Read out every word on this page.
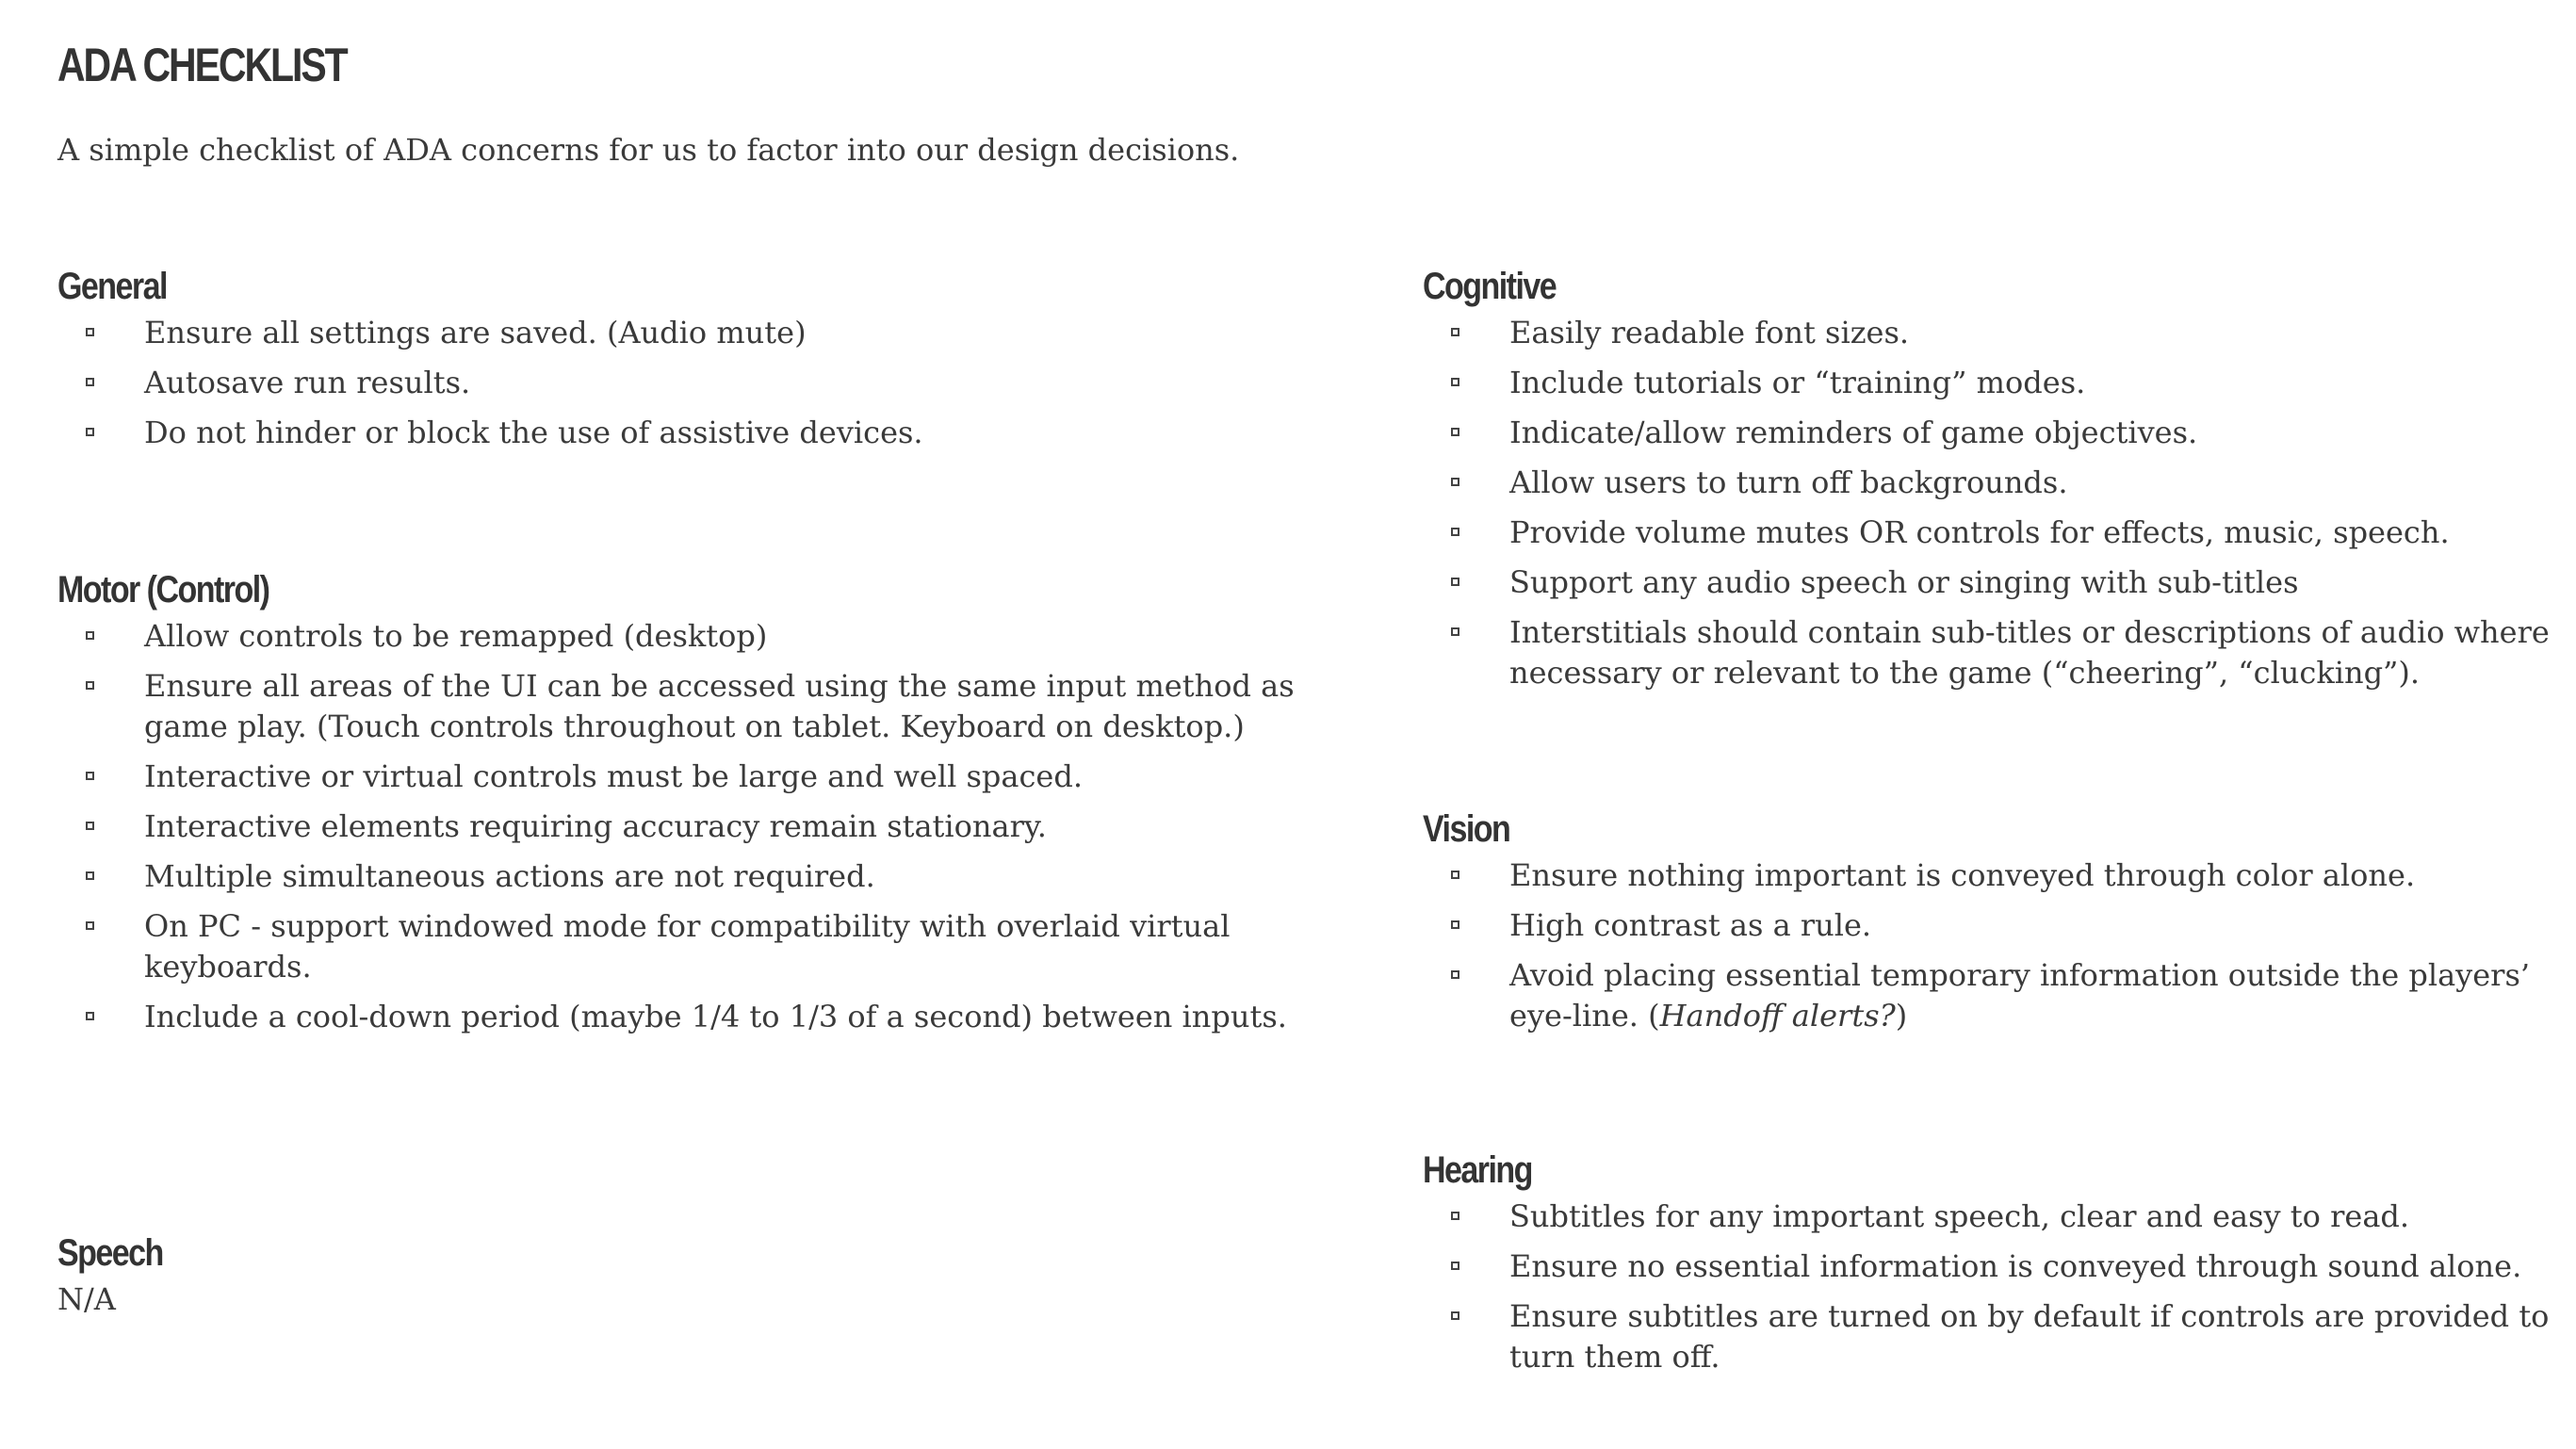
ADA CHECKLIST

A simple checklist of ADA concerns for us to factor into our design decisions.

General
Ensure all settings are saved. (Audio mute)
Autosave run results.
Do not hinder or block the use of assistive devices.
Motor (Control)
Allow controls to be remapped (desktop)
Ensure all areas of the UI can be accessed using the same input method as game play. (Touch controls throughout on tablet. Keyboard on desktop.)
Interactive or virtual controls must be large and well spaced.
Interactive elements requiring accuracy remain stationary.
Multiple simultaneous actions are not required.
On PC - support windowed mode for compatibility with overlaid virtual keyboards.
Include a cool-down period (maybe 1/4 to 1/3 of a second) between inputs.
Speech

N/A

Cognitive
Easily readable font sizes.
Include tutorials or “training” modes.
Indicate/allow reminders of game objectives.
Allow users to turn off backgrounds.
Provide volume mutes OR controls for effects, music, speech.
Support any audio speech or singing with sub-titles
Interstitials should contain sub-titles or descriptions of audio where necessary or relevant to the game (“cheering”, “clucking”).
Vision
Ensure nothing important is conveyed through color alone.
High contrast as a rule.
Avoid placing essential temporary information outside the players’ eye-line. (Handoff alerts?)
Hearing
Subtitles for any important speech, clear and easy to read.
Ensure no essential information is conveyed through sound alone.
Ensure subtitles are turned on by default if controls are provided to turn them off.
